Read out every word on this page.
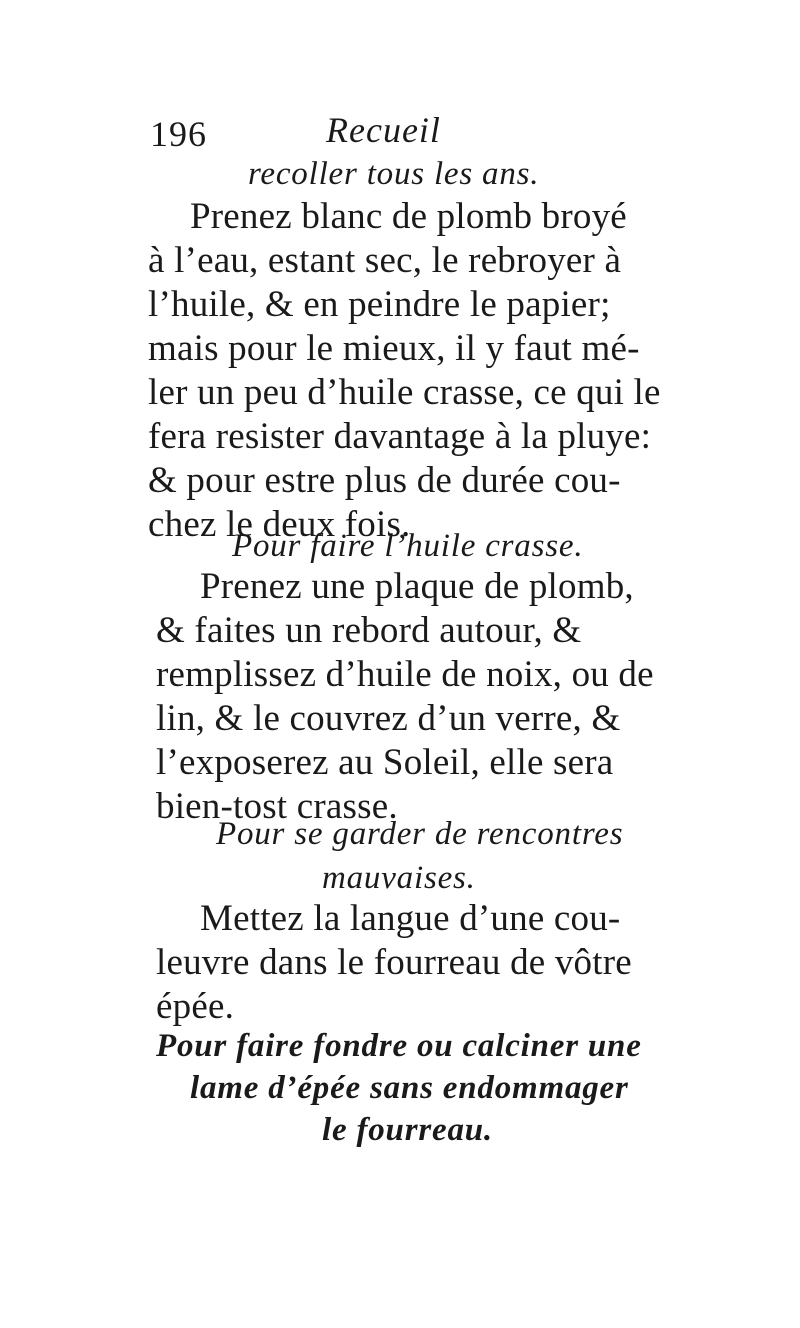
196	Recueil
recoller tous les ans.
Prenez blanc de plomb broyé
à l’eau, estant sec, le rebroyer à
l’huile, & en peindre le papier;
mais pour le mieux, il y faut mé-
ler un peu d’huile crasse, ce qui le
fera resister davantage à la pluye:
& pour estre plus de durée cou-
chez le deux fois.
Pour faire l’huile crasse.
Prenez une plaque de plomb,
& faites un rebord autour, &
remplissez d’huile de noix, ou de
lin, & le couvrez d’un verre, &
l’exposerez au Soleil, elle sera
bien-tost crasse.
Pour se garder de rencontres
mauvaises.
Mettez la langue d’une cou-
leuvre dans le fourreau de vôtre
épée.
Pour faire fondre ou calciner une
lame d’épée sans endommager
le fourreau.
